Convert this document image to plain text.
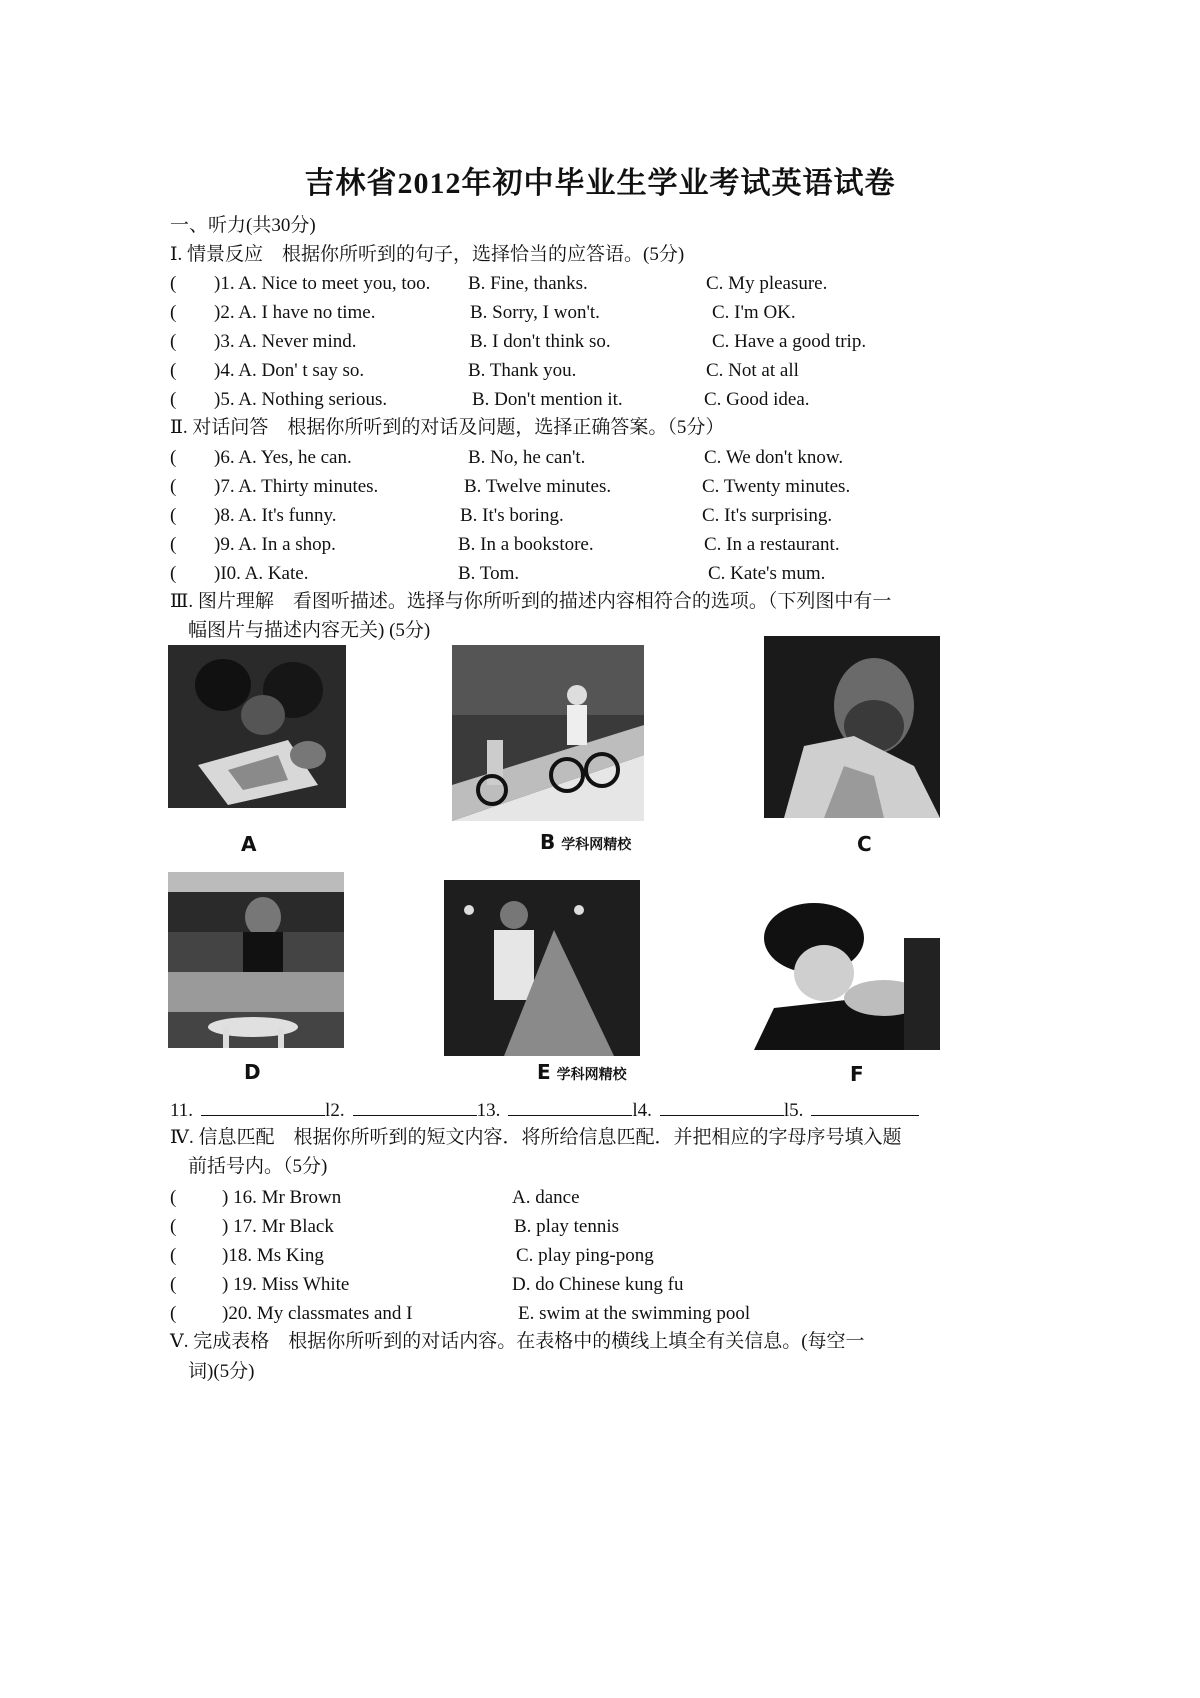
吉林省2012年初中毕业生学业考试英语试卷
一、听力(共30分)
Ⅰ. 情景反应　根据你所听到的句子，选择恰当的应答语。(5分)
( )1. A. Nice to meet you, too. B. Fine, thanks.	C. My pleasure.
( )2. A. I have no time.	B. Sorry, I won't.	C. I'm OK.
( )3. A. Never mind.	B. I don't think so.	C. Have a good trip.
( )4. A. Don' t say so.	B. Thank you.	C. Not at all
( )5. A. Nothing serious.	B. Don't mention it.	C. Good idea.
Ⅱ. 对话问答　根据你所听到的对话及问题，选择正确答案。（5分）
( )6. A. Yes, he can.	B. No, he can't.	C. We don't know.
( )7. A. Thirty minutes.	B. Twelve minutes.	C. Twenty minutes.
( )8. A. It's funny.	B. It's boring.	C. It's surprising.
( )9. A. In a shop.	B. In a bookstore.	C. In a restaurant.
( )I0. A. Kate.	B. Tom.	C. Kate's mum.
Ⅲ. 图片理解　看图听描述。选择与你所听到的描述内容相符合的选项。（下列图中有一
幅图片与描述内容无关) (5分)
A	B 学科网精校	C
D	E 学科网精校	F
11.	l2.	13.	l4.	l5.
Ⅳ. 信息匹配　根据你所听到的短文内容．将所给信息匹配．并把相应的字母序号填入题
前括号内。（5分)
( ) 16. Mr Brown	A. dance
( ) 17. Mr Black	B. play tennis
( )18. Ms King	C. play ping-pong
( ) 19. Miss White	D. do Chinese kung fu
( )20. My classmates and I	E. swim at the swimming pool
Ⅴ. 完成表格　根据你所听到的对话内容。在表格中的横线上填全有关信息。(每空一
词)(5分)
